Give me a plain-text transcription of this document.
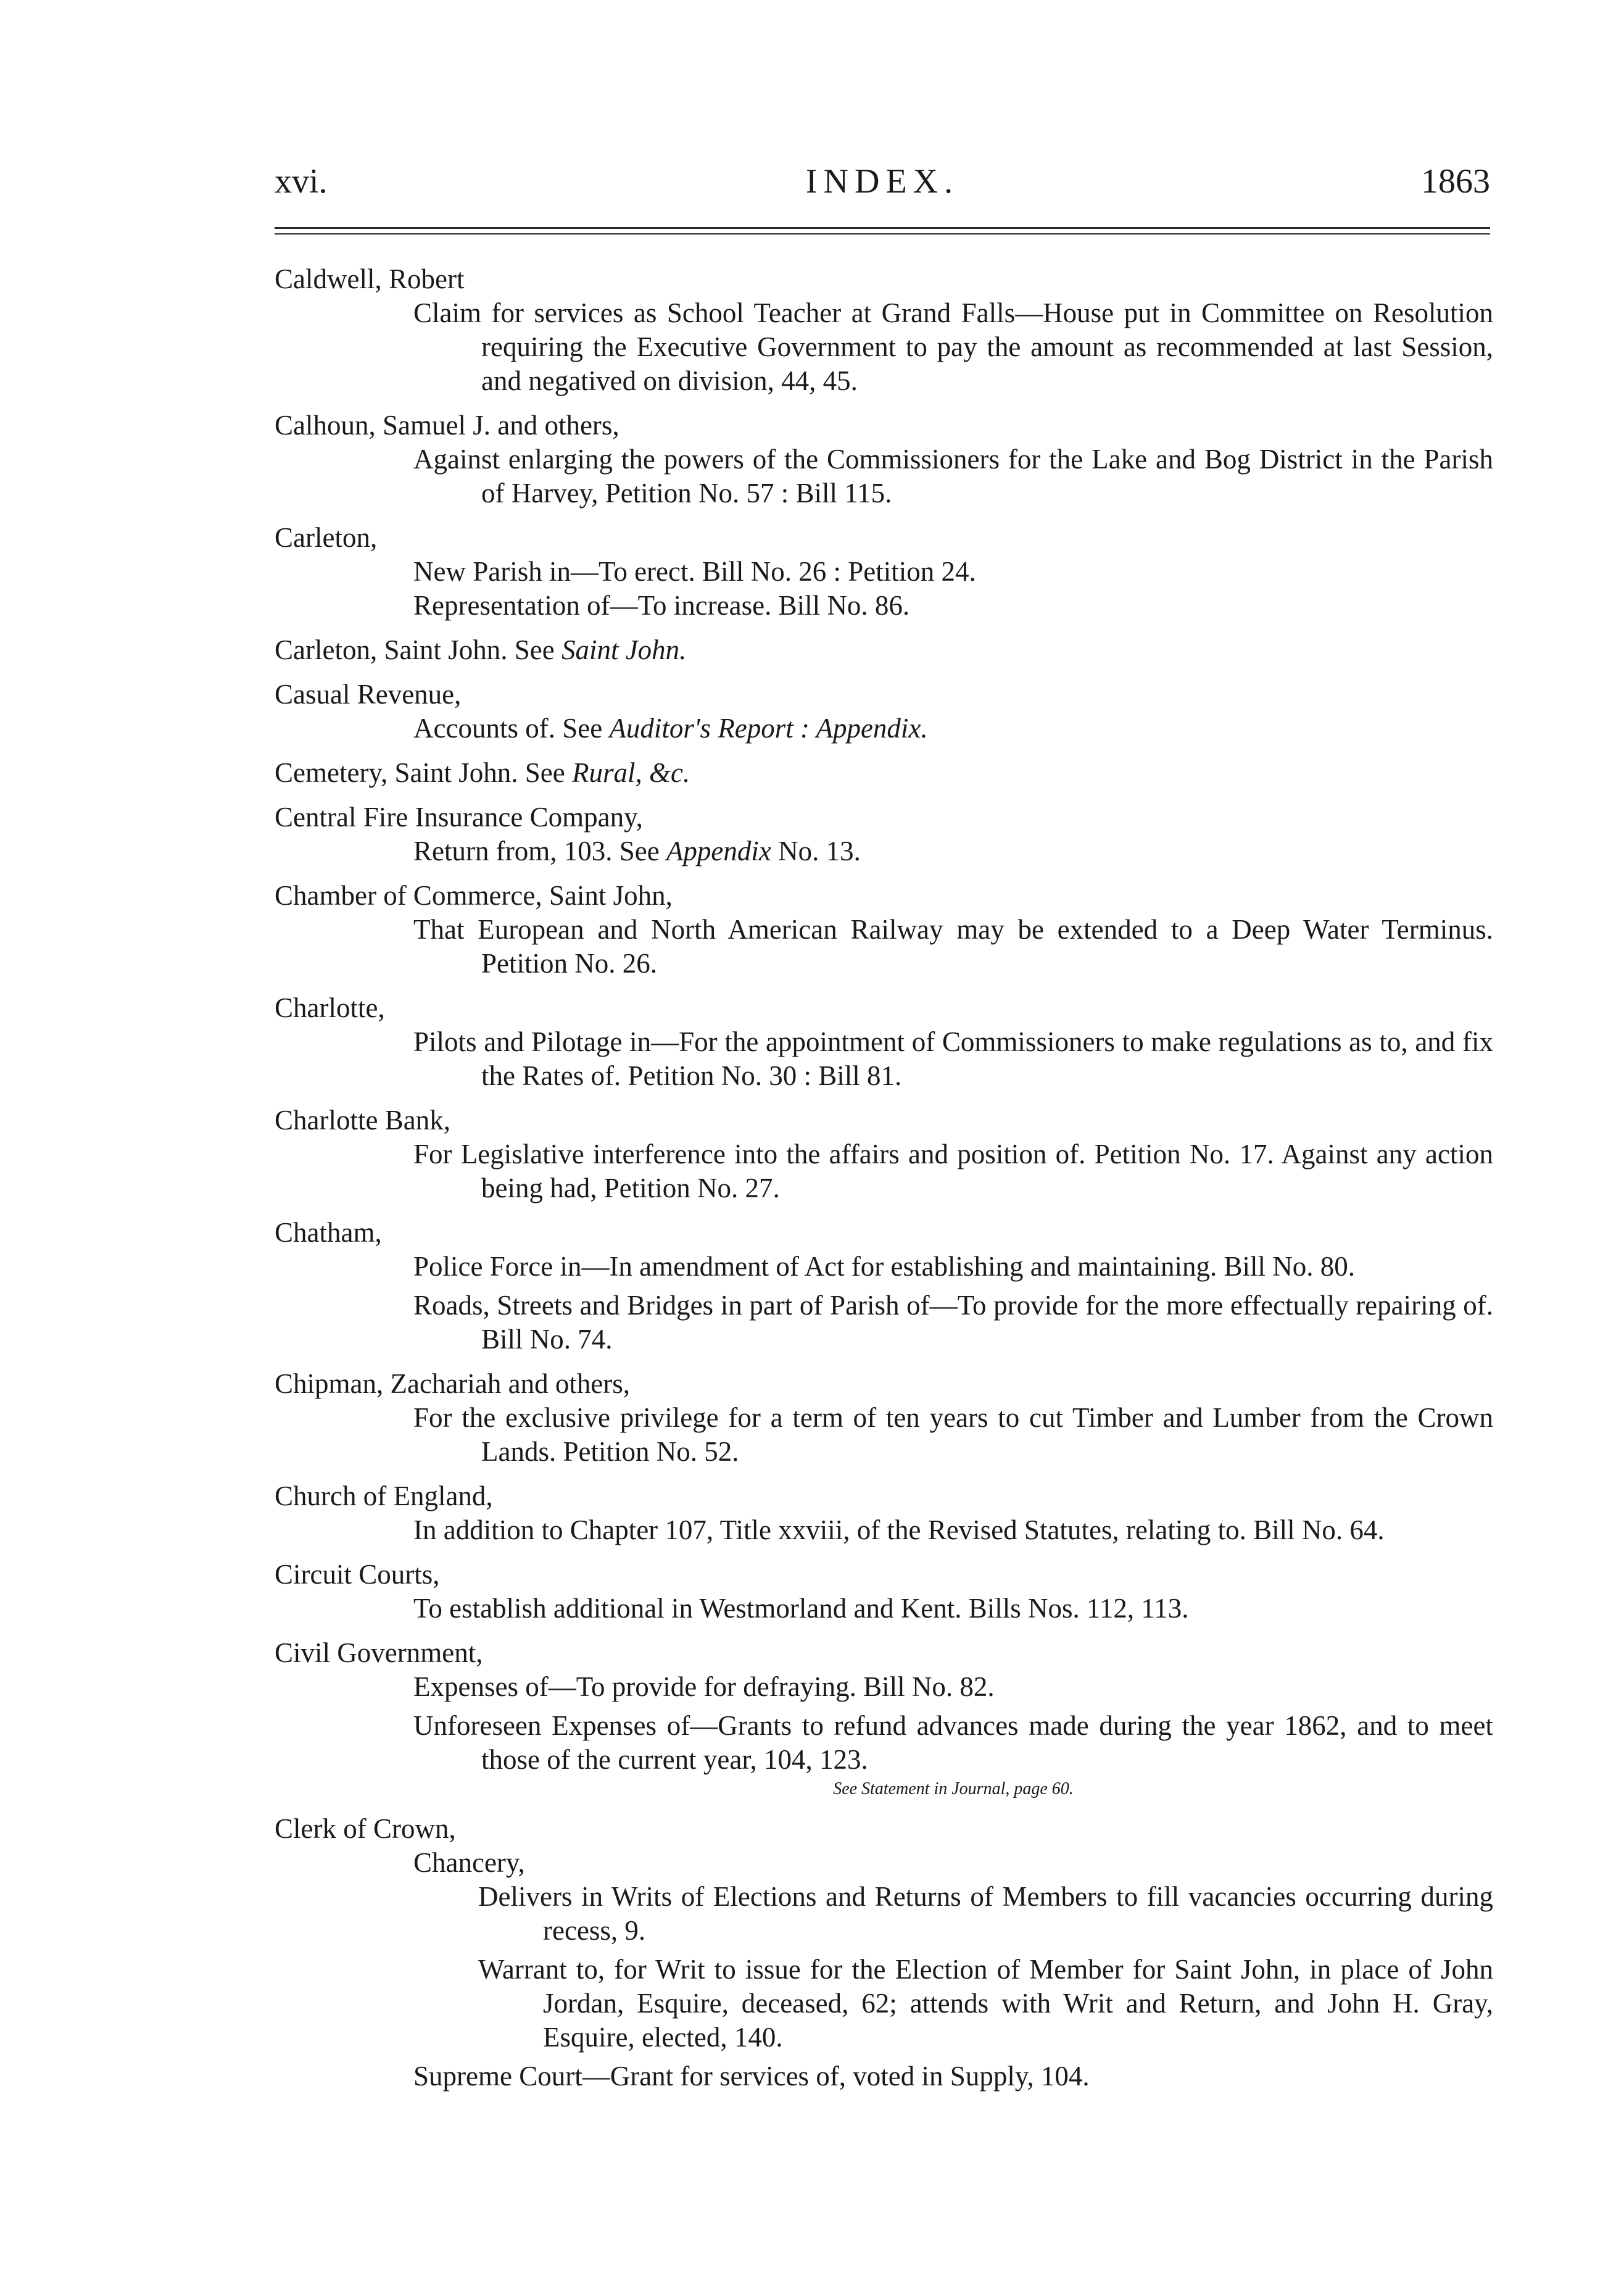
xvi.	INDEX.	1863
Caldwell, Robert
Claim for services as School Teacher at Grand Falls—House put in Committee on Resolution requiring the Executive Government to pay the amount as recommended at last Session, and negatived on division, 44, 45.
Calhoun, Samuel J. and others,
Against enlarging the powers of the Commissioners for the Lake and Bog District in the Parish of Harvey, Petition No. 57 : Bill 115.
Carleton,
New Parish in—To erect. Bill No. 26 : Petition 24.
Representation of—To increase. Bill No. 86.
Carleton, Saint John. See Saint John.
Casual Revenue,
Accounts of. See Auditor's Report : Appendix.
Cemetery, Saint John. See Rural, &c.
Central Fire Insurance Company,
Return from, 103. See Appendix No. 13.
Chamber of Commerce, Saint John,
That European and North American Railway may be extended to a Deep Water Terminus. Petition No. 26.
Charlotte,
Pilots and Pilotage in—For the appointment of Commissioners to make regulations as to, and fix the Rates of. Petition No. 30 : Bill 81.
Charlotte Bank,
For Legislative interference into the affairs and position of. Petition No. 17. Against any action being had, Petition No. 27.
Chatham,
Police Force in—In amendment of Act for establishing and maintaining. Bill No. 80.
Roads, Streets and Bridges in part of Parish of—To provide for the more effectually repairing of. Bill No. 74.
Chipman, Zachariah and others,
For the exclusive privilege for a term of ten years to cut Timber and Lumber from the Crown Lands. Petition No. 52.
Church of England,
In addition to Chapter 107, Title xxviii, of the Revised Statutes, relating to. Bill No. 64.
Circuit Courts,
To establish additional in Westmorland and Kent. Bills Nos. 112, 113.
Civil Government,
Expenses of—To provide for defraying. Bill No. 82.
Unforeseen Expenses of—Grants to refund advances made during the year 1862, and to meet those of the current year, 104, 123.
See Statement in Journal, page 60.
Clerk of Crown,
Chancery,
Delivers in Writs of Elections and Returns of Members to fill vacancies occurring during recess, 9.
Warrant to, for Writ to issue for the Election of Member for Saint John, in place of John Jordan, Esquire, deceased, 62; attends with Writ and Return, and John H. Gray, Esquire, elected, 140.
Supreme Court—Grant for services of, voted in Supply, 104.
